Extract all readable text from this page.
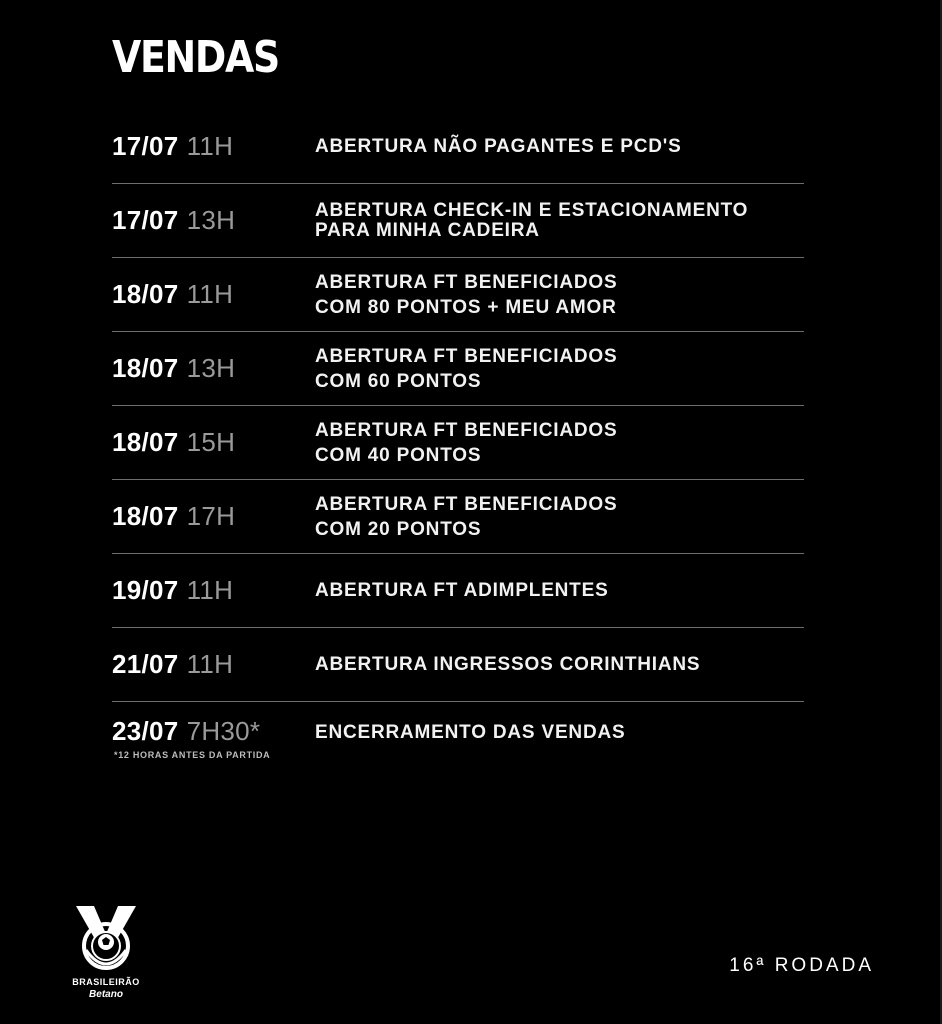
VENDAS
17/07 11H	ABERTURA NÃO PAGANTES E PCD'S
17/07 13H	ABERTURA CHECK-IN E ESTACIONAMENTO
PARA MINHA CADEIRA
18/07 11H	ABERTURA FT BENEFICIADOS
COM 80 PONTOS + MEU AMOR
18/07 13H	ABERTURA FT BENEFICIADOS
COM 60 PONTOS
18/07 15H	ABERTURA FT BENEFICIADOS
COM 40 PONTOS
18/07 17H	ABERTURA FT BENEFICIADOS
COM 20 PONTOS
19/07 11H	ABERTURA FT ADIMPLENTES
21/07 11H	ABERTURA INGRESSOS CORINTHIANS
23/07 7H30*	ENCERRAMENTO DAS VENDAS
*12 HORAS ANTES DA PARTIDA
BRASILEIRÃO
Betano
16ª RODADA
